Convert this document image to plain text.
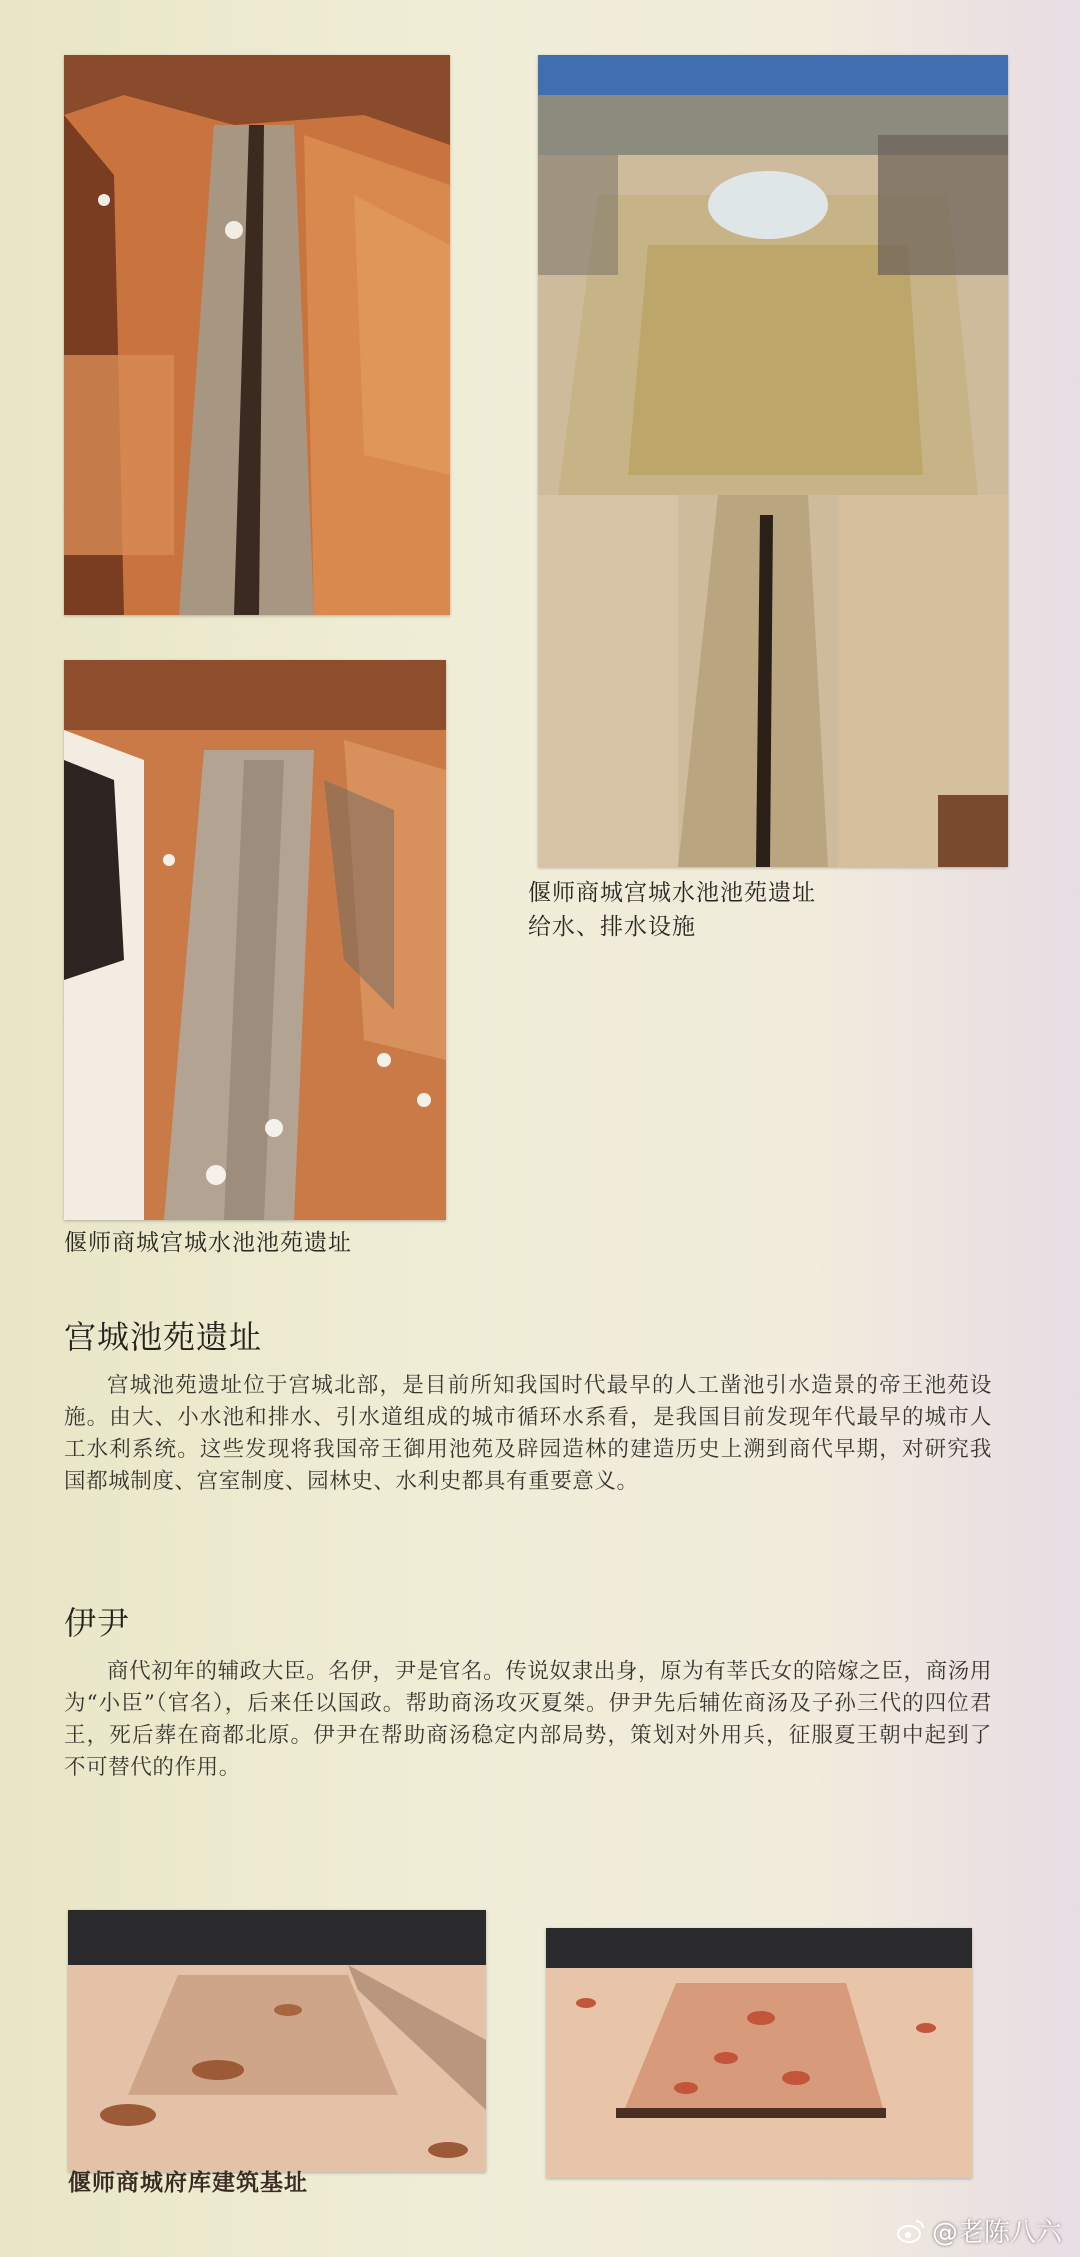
偃师商城宫城水池池苑遗址
给水、排水设施
偃师商城宫城水池池苑遗址
宫城池苑遗址
宫城池苑遗址位于宫城北部，是目前所知我国时代最早的人工凿池引水造景的帝王池苑设施。由大、小水池和排水、引水道组成的城市循环水系看，是我国目前发现年代最早的城市人工水利系统。这些发现将我国帝王御用池苑及辟园造林的建造历史上溯到商代早期，对研究我国都城制度、宫室制度、园林史、水利史都具有重要意义。
伊尹
商代初年的辅政大臣。名伊，尹是官名。传说奴隶出身，原为有莘氏女的陪嫁之臣，商汤用为“小臣”（官名），后来任以国政。帮助商汤攻灭夏桀。伊尹先后辅佐商汤及子孙三代的四位君王，死后葬在商都北原。伊尹在帮助商汤稳定内部局势，策划对外用兵，征服夏王朝中起到了不可替代的作用。
偃师商城府库建筑基址
@老陈八六
